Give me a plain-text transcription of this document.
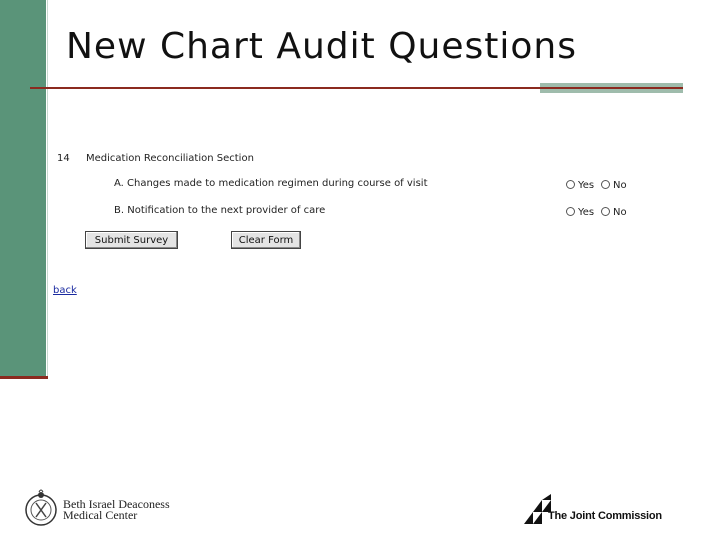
New Chart Audit Questions
14 Medication Reconciliation Section
A. Changes made to medication regimen during course of visit	Yes No
B. Notification to the next provider of care	Yes No
Submit Survey	Clear Form
back
Beth Israel Deaconess
Medical Center	The Joint Commission
